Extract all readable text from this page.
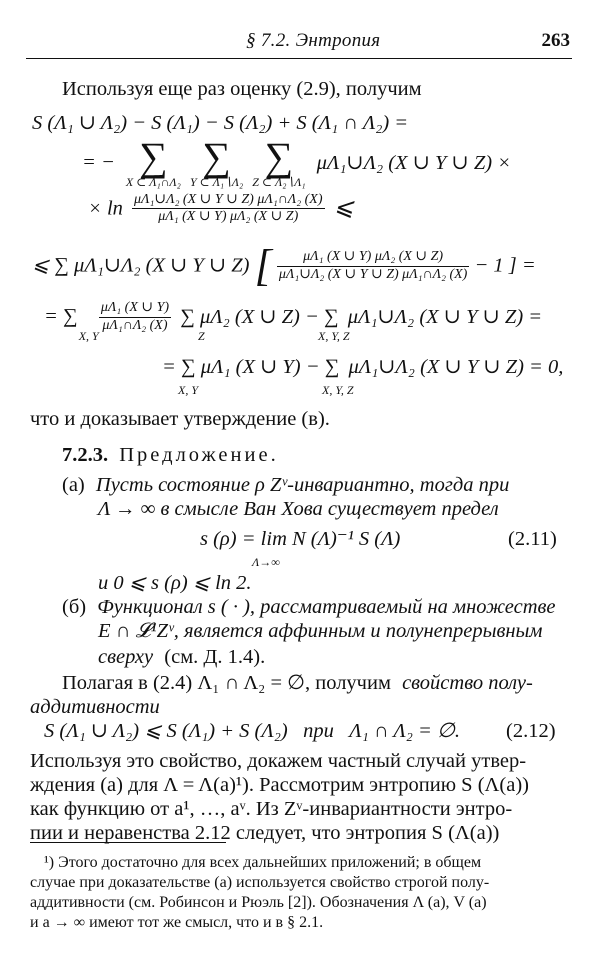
§ 7.2. Энтропия	263
Используя еще раз оценку (2.9), получим
S (Λ₁ ∪ Λ₂) − S (Λ₁) − S (Λ₂) + S (Λ₁ ∩ Λ₂) =
= − ∑
X ⊂ Λ₁∩Λ₂

∑
Y ⊂ Λ₁∖Λ₂

∑
Z ⊂ Λ₂∖Λ₁
μΛ₁∪Λ₂ (X ∪ Y ∪ Z) ×
× $\ln \frac{\text{μΛ₁∪Λ₂ (X ∪ Y ∪ Z) μΛ₁∩Λ₂ (X)}}{\text{μΛ₁ (X ∪ Y) μΛ₂ (X ∪ Z)}}$ ⩽
⩽ ∑ μΛ₁∪Λ₂ (X ∪ Y ∪ Z) [ $\frac{\text{μΛ₁ (X ∪ Y) μΛ₂ (X ∪ Z)}}{\text{μΛ₁∪Λ₂ (X ∪ Y ∪ Z) μΛ₁∩Λ₂ (X)}} - 1$ ] =
= ∑
X, Y

$\frac{\text{μΛ₁ (X ∪ Y)}}{\text{μΛ₁∩Λ₂ (X)}}$ ∑ μΛ₂ (X ∪ Z) − ∑ μΛ₁∪Λ₂ (X ∪ Y ∪ Z) =
Z	X, Y, Z
= ∑ μΛ₁ (X ∪ Y) − ∑ μΛ₁∪Λ₂ (X ∪ Y ∪ Z) = 0,
X, Y	X, Y, Z
что и доказывает утверждение (в).
7.2.3. Предложение.
(а) Пусть состояние ρ Zᵛ-инвариантно, тогда при
Λ → ∞ в смысле Ван Хова существует предел
s (ρ) = lim N (Λ)⁻¹ S (Λ)
Λ→∞
(2.11)
и 0 ⩽ s (ρ) ⩽ ln 2.
(б) Функционал s ( · ), рассматриваемый на множестве
E ∩ 𝓛¹Zᵛ, является аффинным и полунепрерывным
сверху (см. Д. 1.4).
Полагая в (2.4) Λ₁ ∩ Λ₂ = ∅, получим свойство полу-
аддитивности
S (Λ₁ ∪ Λ₂) ⩽ S (Λ₁) + S (Λ₂)   при   Λ₁ ∩ Λ₂ = ∅. (2.12)
Используя это свойство, докажем частный случай утвер-
ждения (а) для Λ = Λ(a)¹). Рассмотрим энтропию S (Λ(a))
как функцию от a¹, …, aᵛ. Из Zᵛ-инвариантности энтро-
пии и неравенства 2.12 следует, что энтропия S (Λ(a))
¹) Этого достаточно для всех дальнейших приложений; в общем
случае при доказательстве (а) используется свойство строгой полу-
аддитивности (см. Робинсон и Рюэль [2]). Обозначения Λ (a), V (a)
и a → ∞ имеют тот же смысл, что и в § 2.1.
